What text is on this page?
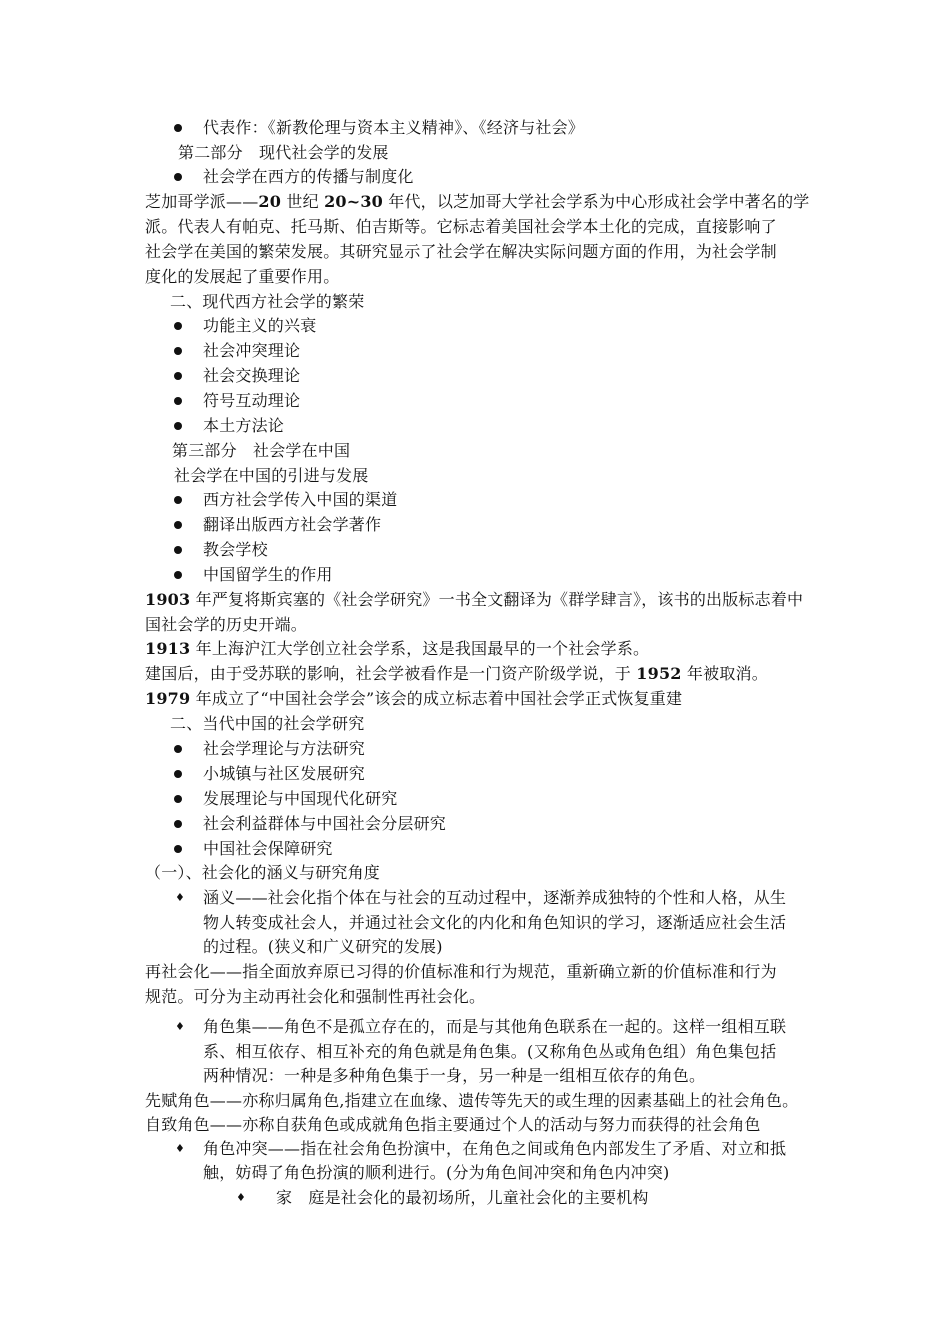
代表作：《新教伦理与资本主义精神》、《经济与社会》
第二部分　现代社会学的发展
社会学在西方的传播与制度化
芝加哥学派——20 世纪 20~30 年代，以芝加哥大学社会学系为中心形成社会学中著名的学
派。代表人有帕克、托马斯、伯吉斯等。它标志着美国社会学本土化的完成，直接影响了
社会学在美国的繁荣发展。其研究显示了社会学在解决实际问题方面的作用，为社会学制
度化的发展起了重要作用。
二、现代西方社会学的繁荣
功能主义的兴衰
社会冲突理论
社会交换理论
符号互动理论
本土方法论
第三部分　社会学在中国
社会学在中国的引进与发展
西方社会学传入中国的渠道
翻译出版西方社会学著作
教会学校
中国留学生的作用
1903 年严复将斯宾塞的《社会学研究》一书全文翻译为《群学肆言》，该书的出版标志着中
国社会学的历史开端。
1913 年上海沪江大学创立社会学系，这是我国最早的一个社会学系。
建国后，由于受苏联的影响，社会学被看作是一门资产阶级学说，于 1952 年被取消。
1979 年成立了“中国社会学会”该会的成立标志着中国社会学正式恢复重建
二、当代中国的社会学研究
社会学理论与方法研究
小城镇与社区发展研究
发展理论与中国现代化研究
社会利益群体与中国社会分层研究
中国社会保障研究
（一）、社会化的涵义与研究角度
♦ 涵义——社会化指个体在与社会的互动过程中，逐渐养成独特的个性和人格，从生
物人转变成社会人，并通过社会文化的内化和角色知识的学习，逐渐适应社会生活
的过程。(狭义和广义研究的发展)
再社会化——指全面放弃原已习得的价值标准和行为规范，重新确立新的价值标准和行为
规范。可分为主动再社会化和强制性再社会化。
♦ 角色集——角色不是孤立存在的，而是与其他角色联系在一起的。这样一组相互联
系、相互依存、相互补充的角色就是角色集。(又称角色丛或角色组）角色集包括
两种情况：一种是多种角色集于一身，另一种是一组相互依存的角色。
先赋角色——亦称归属角色,指建立在血缘、遗传等先天的或生理的因素基础上的社会角色。
自致角色——亦称自获角色或成就角色指主要通过个人的活动与努力而获得的社会角色
♦ 角色冲突——指在社会角色扮演中，在角色之间或角色内部发生了矛盾、对立和抵
触，妨碍了角色扮演的顺利进行。(分为角色间冲突和角色内冲突)
♦ 家　庭是社会化的最初场所，儿童社会化的主要机构
